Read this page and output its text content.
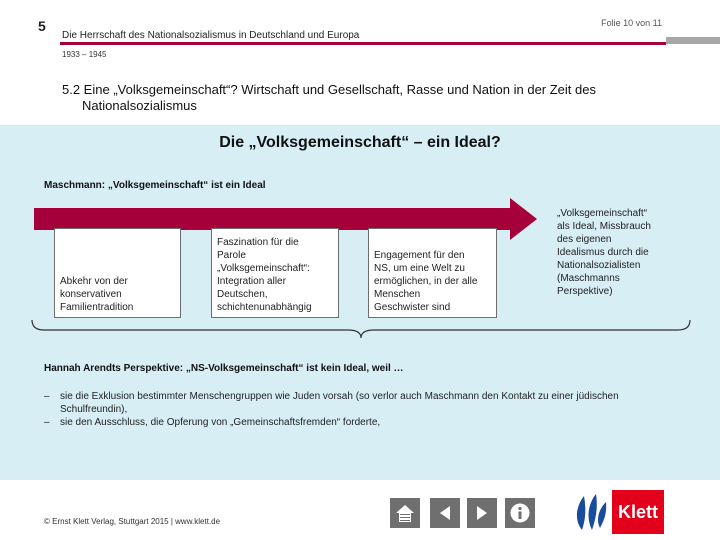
5	Folie 10 von 11
Die Herrschaft des Nationalsozialismus in Deutschland und Europa
1933 – 1945
5.2 Eine „Volksgemeinschaft“? Wirtschaft und Gesellschaft, Rasse und Nation in der Zeit des
Nationalsozialismus
Die „Volksgemeinschaft“ – ein Ideal?
Maschmann: „Volksgemeinschaft“ ist ein Ideal
Abkehr von der
konservativen
Familientradition
Faszination für die
Parole
„Volksgemeinschaft“:
Integration aller
Deutschen,
schichtenunabhängig
Engagement für den
NS, um eine Welt zu
ermöglichen, in der alle
Menschen
Geschwister sind
„Volksgemeinschaft“
als Ideal, Missbrauch
des eigenen
Idealismus durch die
Nationalsozialisten
(Maschmanns
Perspektive)
Hannah Arendts Perspektive: „NS-Volksgemeinschaft“ ist kein Ideal, weil …
– sie die Exklusion bestimmter Menschengruppen wie Juden vorsah (so verlor auch Maschmann den Kontakt zu einer jüdischen Schulfreundin),
– sie den Ausschluss, die Opferung von „Gemeinschaftsfremden“ forderte,
© Ernst Klett Verlag, Stuttgart 2015 | www.klett.de	Klett
